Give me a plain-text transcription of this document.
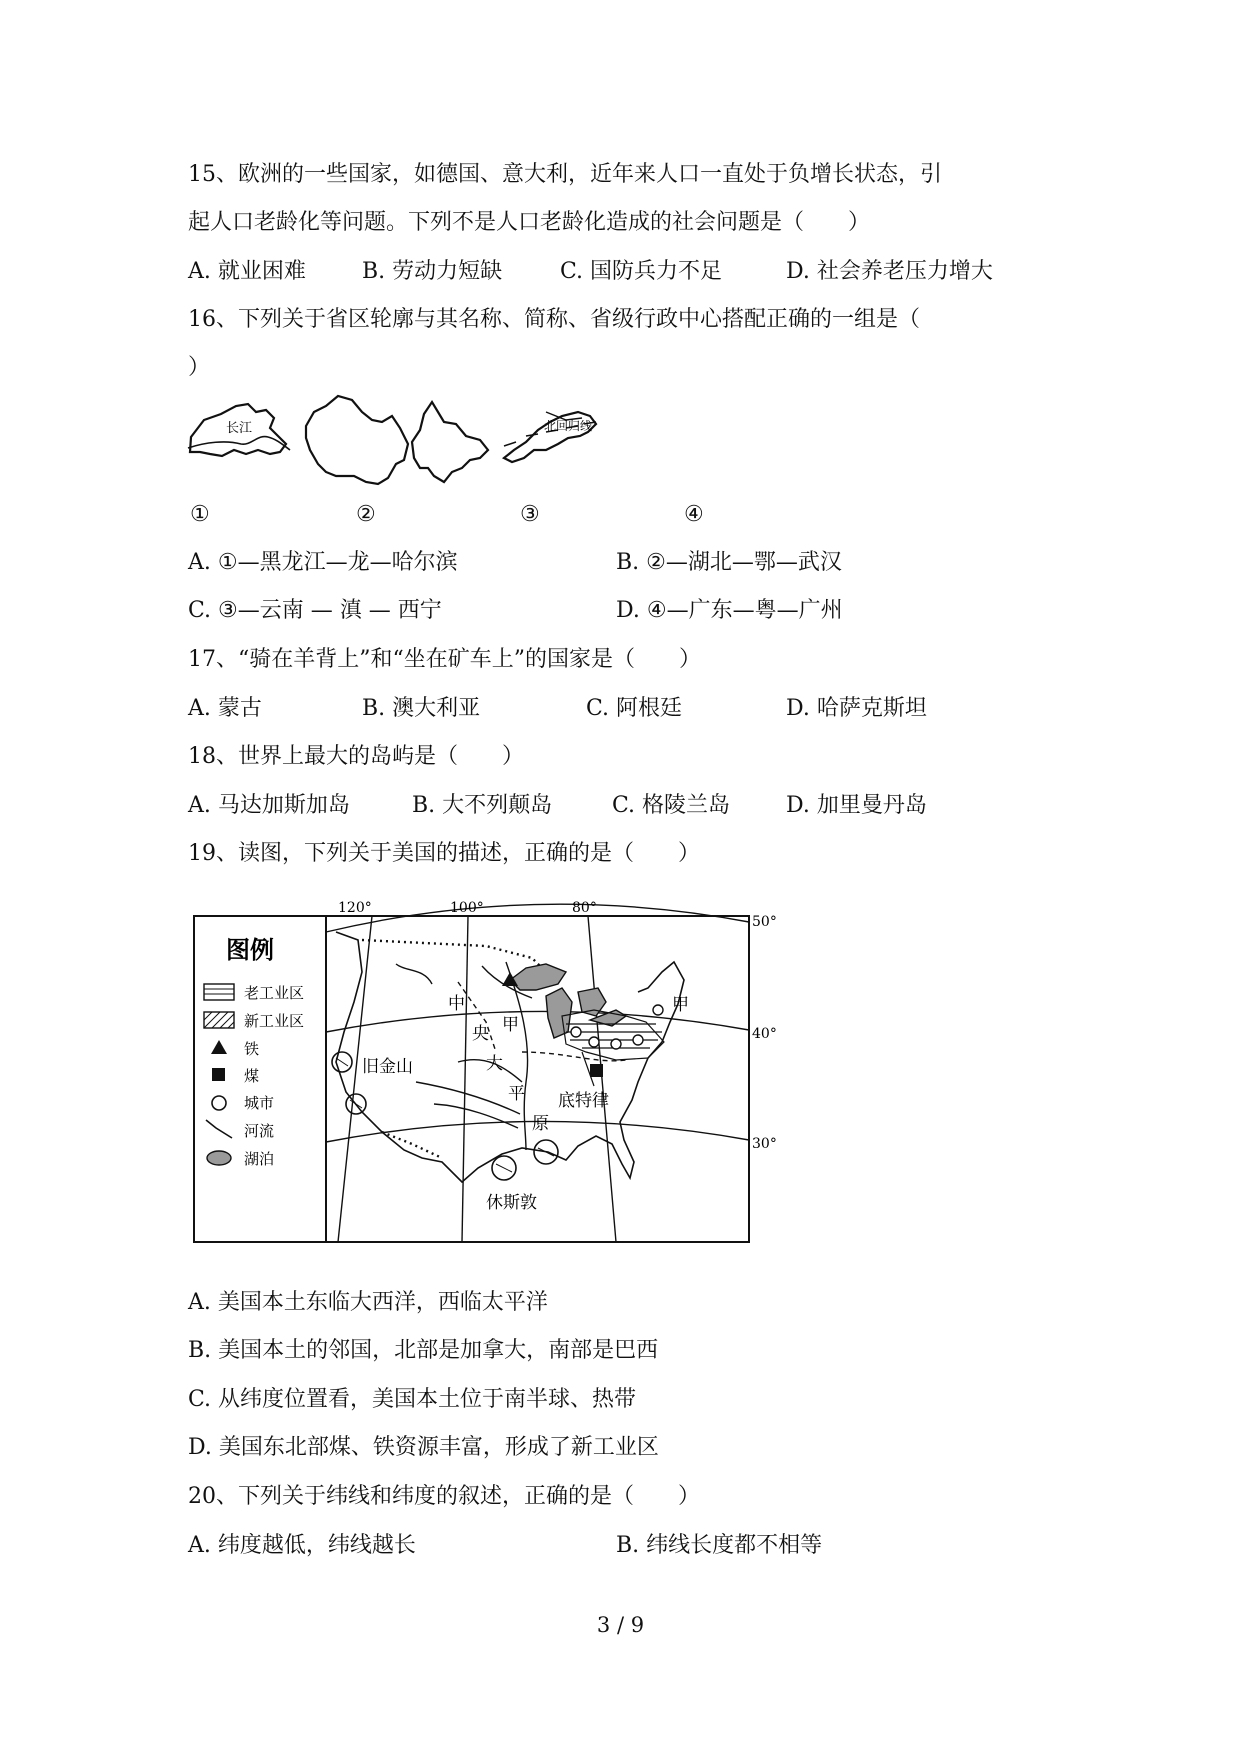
15、欧洲的一些国家，如德国、意大利，近年来人口一直处于负增长状态，引
起人口老龄化等问题。下列不是人口老龄化造成的社会问题是（　　）
A. 就业困难	B. 劳动力短缺	C. 国防兵力不足	D. 社会养老压力增大
16、下列关于省区轮廓与其名称、简称、省级行政中心搭配正确的一组是（
）
长江	北回归线
①	②	③	④
A. ①—黑龙江—龙—哈尔滨	B. ②—湖北—鄂—武汉
C. ③—云南 — 滇 — 西宁	D. ④—广东—粤—广州
17、“骑在羊背上”和“坐在矿车上”的国家是（　　）
A. 蒙古	B. 澳大利亚	C. 阿根廷	D. 哈萨克斯坦
18、世界上最大的岛屿是（　　）
A. 马达加斯加岛	B. 大不列颠岛	C. 格陵兰岛	D. 加里曼丹岛
19、读图，下列关于美国的描述，正确的是（　　）
图例
老工业区
新工业区
铁
煤
城市
河流
湖泊
120°	100°	80°
50°
40°
30°
中
央
大
平
原
甲
甲
旧金山
底特律
休斯敦
A. 美国本土东临大西洋，西临太平洋
B. 美国本土的邻国，北部是加拿大，南部是巴西
C. 从纬度位置看，美国本土位于南半球、热带
D. 美国东北部煤、铁资源丰富，形成了新工业区
20、下列关于纬线和纬度的叙述，正确的是（　　）
A. 纬度越低，纬线越长	B. 纬线长度都不相等
3 / 9
